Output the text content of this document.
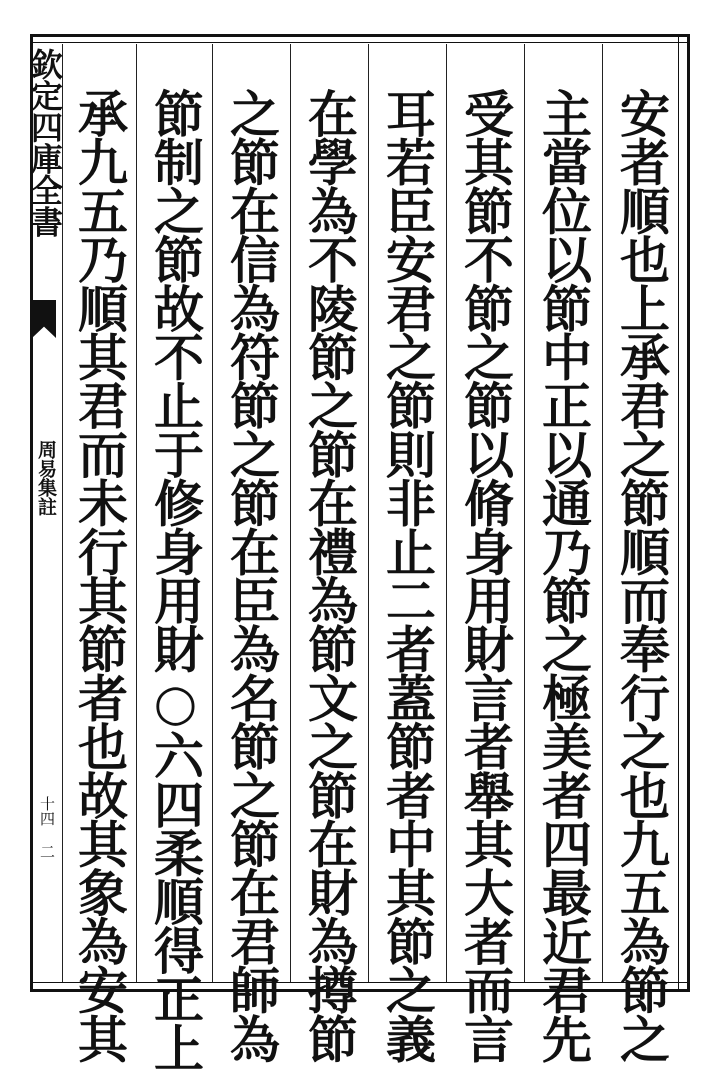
欽定四庫全書
周易集註
十四 二	安者順也上承君之節順而奉行之也九五為節之
主當位以節中正以通乃節之極美者四最近君先
受其節不節之節以脩身用財言者舉其大者而言
耳若臣安君之節則非止二者蓋節者中其節之義
在學為不陵節之節在禮為節文之節在財為撙節
之節在信為符節之節在臣為名節之節在君師為
節制之節故不止于修身用財○六四柔順得正上
承九五乃順其君而未行其節者也故其象為安其
